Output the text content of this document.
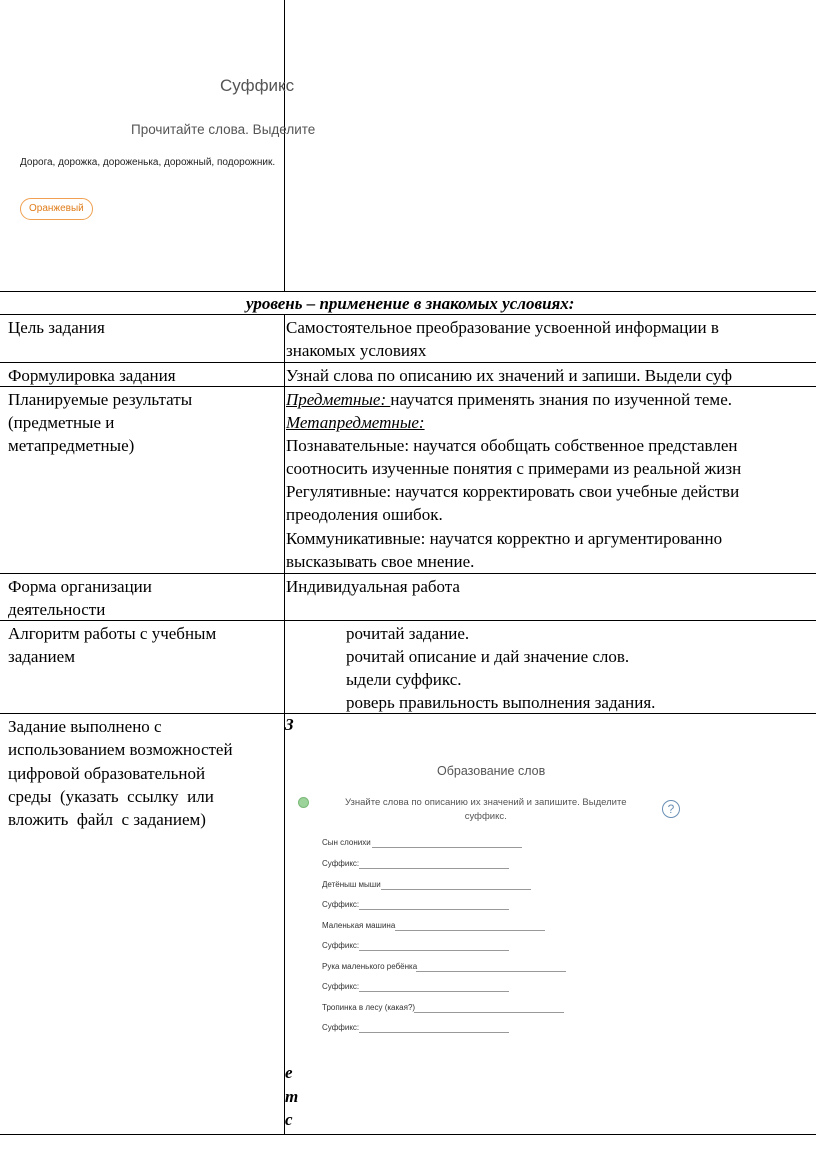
Суффикс
Прочитайте слова. Выделите
Дорога, дорожка, дороженька, дорожный, подорожник.
Оранжевый
уровень – применение в знакомых условиях:
Цель задания	Самостоятельное преобразование усвоенной информации в
знакомых условиях
Формулировка задания	Узнай слова по описанию их значений и запиши. Выдели суф
Планируемые результаты
(предметные и
метапредметные)
Предметные: научатся применять знания по изученной теме.
Метапредметные:
Познавательные: научатся обобщать собственное представлен
соотносить изученные понятия с примерами из реальной жизн
Регулятивные: научатся корректировать свои учебные действи
преодоления ошибок.
Коммуникативные: научатся корректно и аргументированно
высказывать свое мнение.
Форма организации
деятельности
Индивидуальная работа
Алгоритм работы с учебным
заданием
рочитай задание.
рочитай описание и дай значение слов.
ыдели суффикс.
роверь правильность выполнения задания.
Задание выполнено с
использованием возможностей
цифровой образовательной
среды  (указать  ссылку  или
вложить  файл  с заданием)
З
е
т
с
Образование слов
Узнайте слова по описанию их значений и запишите. Выделите
суффикс.
?
Сын слонихи
Суффикс:
Детёныш мыши
Суффикс:
Маленькая машина
Суффикс:
Рука маленького ребёнка
Суффикс:
Тропинка в лесу (какая?)
Суффикс:
